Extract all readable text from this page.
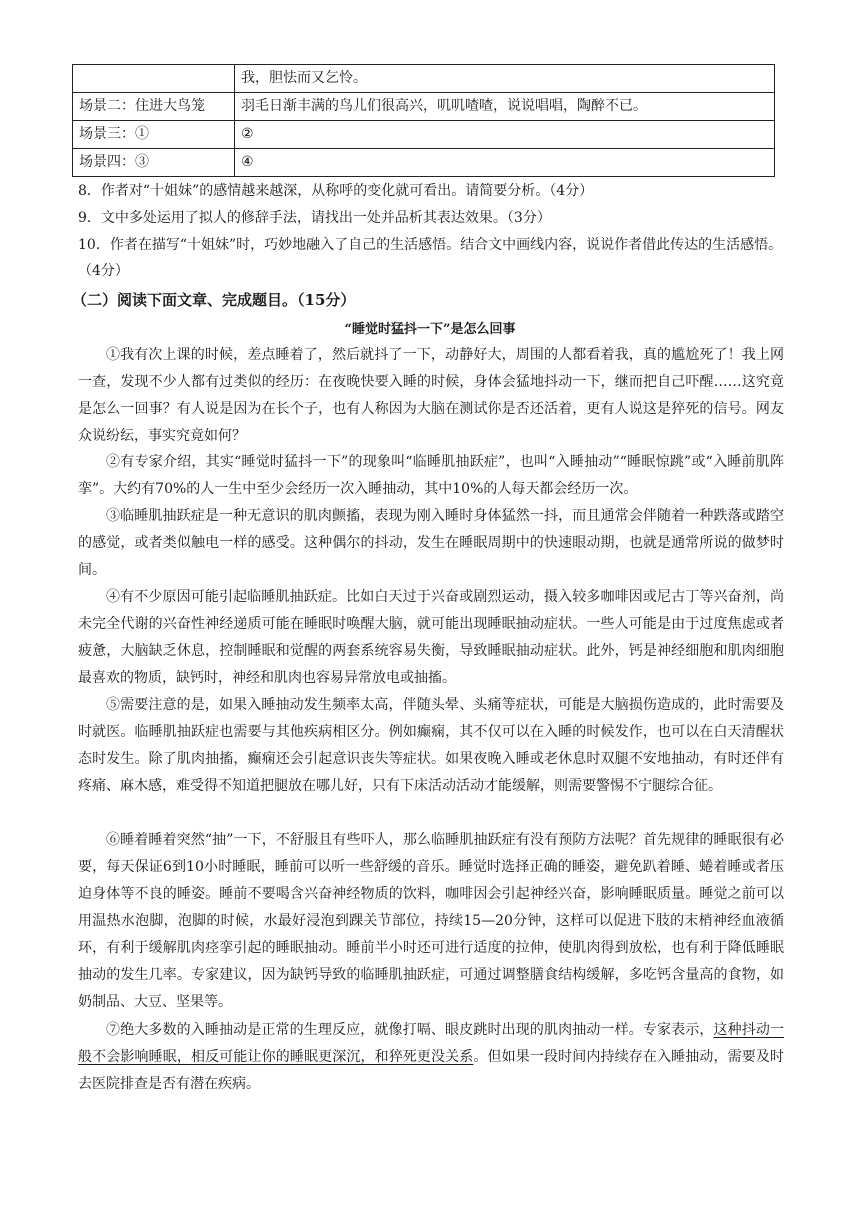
	我，胆怯而又乞怜。
场景二：住进大鸟笼	羽毛日渐丰满的鸟儿们很高兴，叽叽喳喳，说说唱唱，陶醉不已。
场景三：①	②
场景四：③	④

8．作者对“十姐妹”的感情越来越深，从称呼的变化就可看出。请简要分析。（4分）

9．文中多处运用了拟人的修辞手法，请找出一处并品析其表达效果。（3分）

10．作者在描写“十姐妹”时，巧妙地融入了自己的生活感悟。结合文中画线内容，说说作者借此传达的生活感悟。（4分）

（二）阅读下面文章、完成题目。（15分）

“睡觉时猛抖一下”是怎么回事

①我有次上课的时候，差点睡着了，然后就抖了一下，动静好大，周围的人都看着我，真的尴尬死了！我上网一查，发现不少人都有过类似的经历：在夜晚快要入睡的时候，身体会猛地抖动一下，继而把自己吓醒……这究竟是怎么一回事？有人说是因为在长个子，也有人称因为大脑在测试你是否还活着，更有人说这是猝死的信号。网友众说纷纭，事实究竟如何？

②有专家介绍，其实“睡觉时猛抖一下”的现象叫“临睡肌抽跃症”，也叫“入睡抽动”“睡眠惊跳”或“入睡前肌阵挛”。大约有70%的人一生中至少会经历一次入睡抽动，其中10%的人每天都会经历一次。

③临睡肌抽跃症是一种无意识的肌肉颤搐，表现为刚入睡时身体猛然一抖，而且通常会伴随着一种跌落或踏空的感觉，或者类似触电一样的感受。这种偶尔的抖动，发生在睡眠周期中的快速眼动期，也就是通常所说的做梦时间。

④有不少原因可能引起临睡肌抽跃症。比如白天过于兴奋或剧烈运动，摄入较多咖啡因或尼古丁等兴奋剂，尚未完全代谢的兴奋性神经递质可能在睡眠时唤醒大脑，就可能出现睡眠抽动症状。一些人可能是由于过度焦虑或者疲惫，大脑缺乏休息，控制睡眠和觉醒的两套系统容易失衡，导致睡眠抽动症状。此外，钙是神经细胞和肌肉细胞最喜欢的物质，缺钙时，神经和肌肉也容易异常放电或抽搐。

⑤需要注意的是，如果入睡抽动发生频率太高，伴随头晕、头痛等症状，可能是大脑损伤造成的，此时需要及时就医。临睡肌抽跃症也需要与其他疾病相区分。例如癫痫，其不仅可以在入睡的时候发作，也可以在白天清醒状态时发生。除了肌肉抽搐，癫痫还会引起意识丧失等症状。如果夜晚入睡或老休息时双腿不安地抽动，有时还伴有疼痛、麻木感，难受得不知道把腿放在哪儿好，只有下床活动活动才能缓解，则需要警惕不宁腿综合征。

⑥睡着睡着突然“抽”一下，不舒服且有些吓人，那么临睡肌抽跃症有没有预防方法呢？首先规律的睡眠很有必要，每天保证6到10小时睡眠，睡前可以听一些舒缓的音乐。睡觉时选择正确的睡姿，避免趴着睡、蜷着睡或者压迫身体等不良的睡姿。睡前不要喝含兴奋神经物质的饮料，咖啡因会引起神经兴奋，影响睡眠质量。睡觉之前可以用温热水泡脚，泡脚的时候，水最好浸泡到踝关节部位，持续15—20分钟，这样可以促进下肢的末梢神经血液循环，有利于缓解肌肉痉挛引起的睡眠抽动。睡前半小时还可进行适度的拉伸，使肌肉得到放松，也有利于降低睡眠抽动的发生几率。专家建议，因为缺钙导致的临睡肌抽跃症，可通过调整膳食结构缓解，多吃钙含量高的食物，如奶制品、大豆、坚果等。

⑦绝大多数的入睡抽动是正常的生理反应，就像打嗝、眼皮跳时出现的肌肉抽动一样。专家表示，这种抖动一般不会影响睡眠，相反可能让你的睡眠更深沉，和猝死更没关系。但如果一段时间内持续存在入睡抽动，需要及时去医院排查是否有潜在疾病。
